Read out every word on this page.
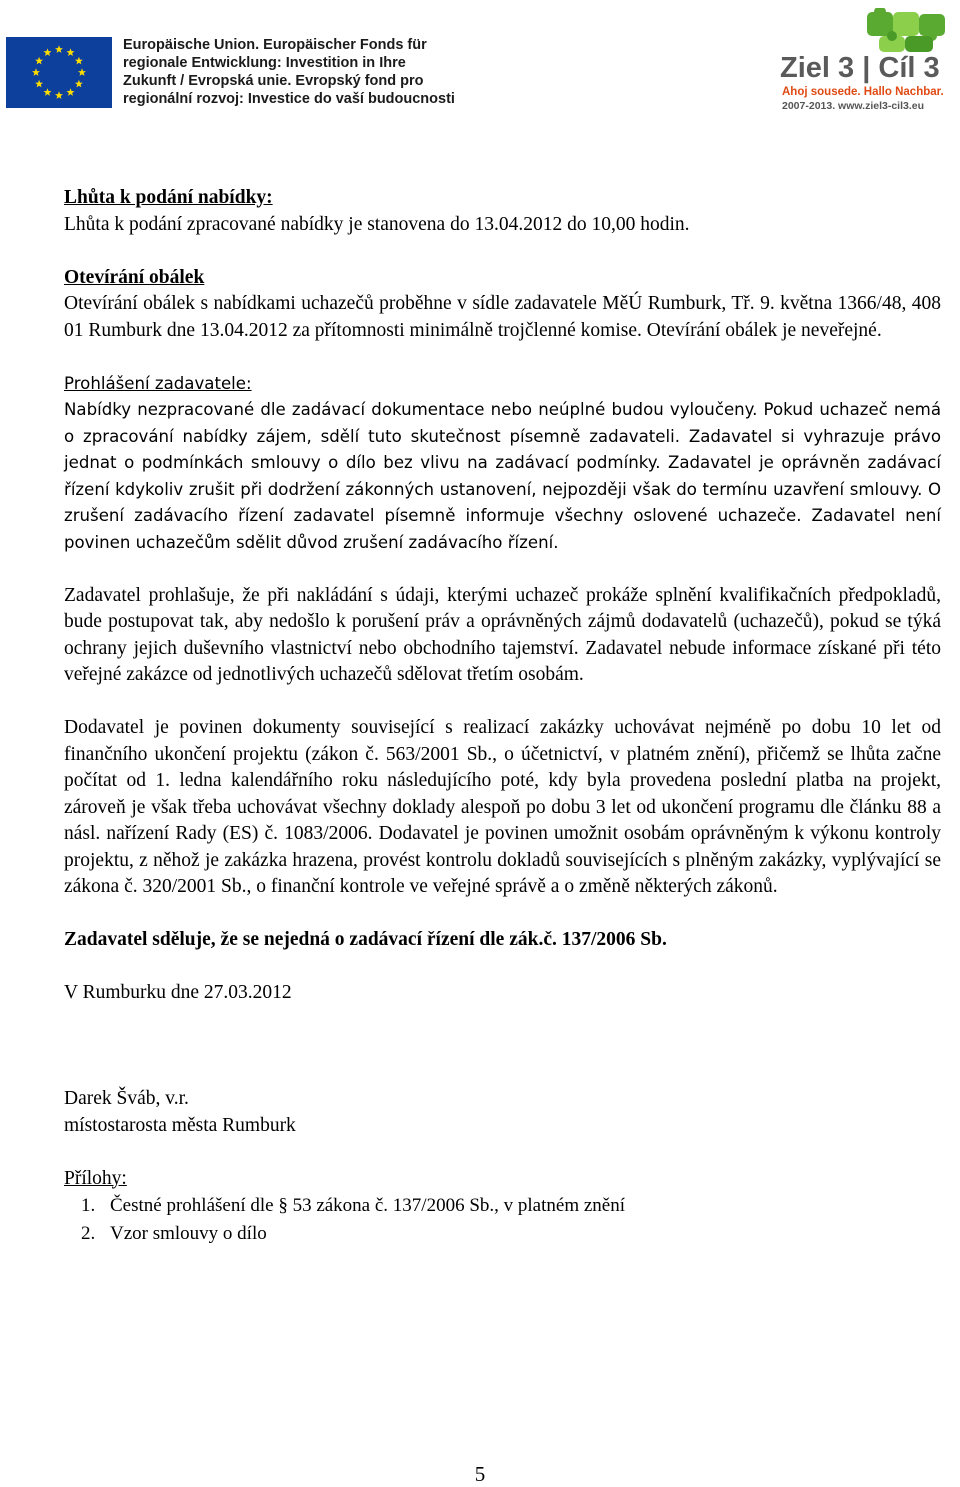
Europäische Union. Europäischer Fonds für
regionale Entwicklung: Investition in Ihre
Zukunft / Evropská unie. Evropský fond pro
regionální rozvoj: Investice do vaší budoucnosti
Ziel 3 | Cíl 3
Ahoj sousede. Hallo Nachbar.
2007-2013. www.ziel3-cil3.eu

Lhůta k podání nabídky:

Lhůta k podání zpracované nabídky je stanovena do 13.04.2012 do 10,00 hodin.

Otevírání obálek

Otevírání obálek s nabídkami uchazečů proběhne v sídle zadavatele MěÚ Rumburk, Tř. 9. května 1366/48, 408 01 Rumburk dne 13.04.2012 za přítomnosti minimálně trojčlenné komise. Otevírání obálek je neveřejné.

Prohlášení zadavatele:

Nabídky nezpracované dle zadávací dokumentace nebo neúplné budou vyloučeny. Pokud uchazeč nemá o zpracování nabídky zájem, sdělí tuto skutečnost písemně zadavateli. Zadavatel si vyhrazuje právo jednat o podmínkách smlouvy o dílo bez vlivu na zadávací podmínky. Zadavatel je oprávněn zadávací řízení kdykoliv zrušit při dodržení zákonných ustanovení, nejpozději však do termínu uzavření smlouvy. O zrušení zadávacího řízení zadavatel písemně informuje všechny oslovené uchazeče. Zadavatel není povinen uchazečům sdělit důvod zrušení zadávacího řízení.

Zadavatel prohlašuje, že při nakládání s údaji, kterými uchazeč prokáže splnění kvalifikačních předpokladů, bude postupovat tak, aby nedošlo k porušení práv a oprávněných zájmů dodavatelů (uchazečů), pokud se týká ochrany jejich duševního vlastnictví nebo obchodního tajemství. Zadavatel nebude informace získané při této veřejné zakázce od jednotlivých uchazečů sdělovat třetím osobám.

Dodavatel je povinen dokumenty související s realizací zakázky uchovávat nejméně po dobu 10 let od finančního ukončení projektu (zákon č. 563/2001 Sb., o účetnictví, v platném znění), přičemž se lhůta začne počítat od 1. ledna kalendářního roku následujícího poté, kdy byla provedena poslední platba na projekt, zároveň je však třeba uchovávat všechny doklady alespoň po dobu 3 let od ukončení programu dle článku 88 a násl. nařízení Rady (ES) č. 1083/2006. Dodavatel je povinen umožnit osobám oprávněným k výkonu kontroly projektu, z něhož je zakázka hrazena, provést kontrolu dokladů souvisejících s plněným zakázky, vyplývající se zákona č. 320/2001 Sb., o finanční kontrole ve veřejné správě a o změně některých zákonů.

Zadavatel sděluje, že se nejedná o zadávací řízení dle zák.č. 137/2006 Sb.

V Rumburku dne 27.03.2012

Darek Šváb, v.r.

místostarosta města Rumburk

Přílohy:

1. Čestné prohlášení dle § 53 zákona č. 137/2006 Sb., v platném znění
2. Vzor smlouvy o dílo
5
